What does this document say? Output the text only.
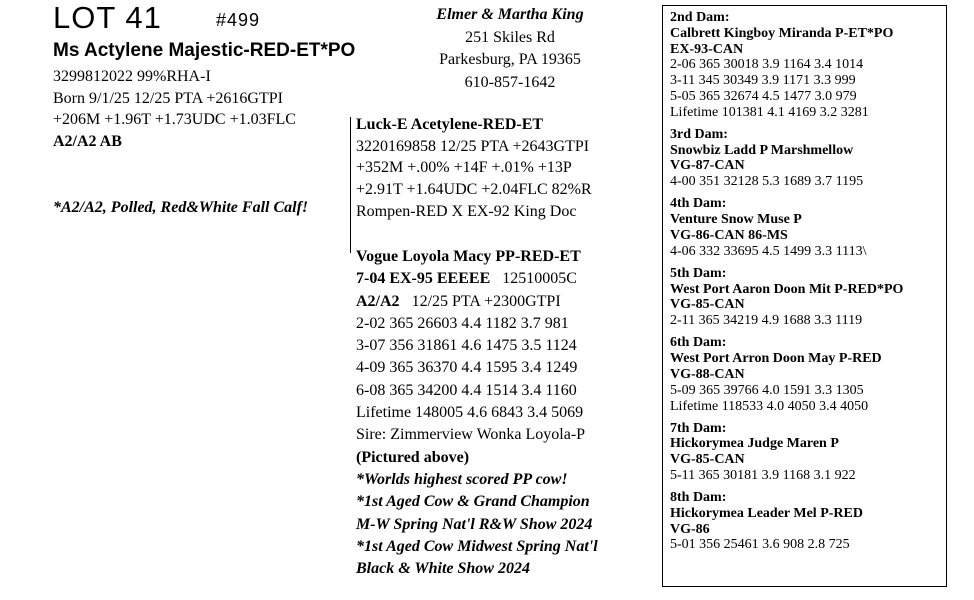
LOT 41	#499
Ms Actylene Majestic-RED-ET*PO
3299812022 99%RHA-I
Born 9/1/25 12/25 PTA +2616GTPI
+206M +1.96T +1.73UDC +1.03FLC
A2/A2 AB
*A2/A2, Polled, Red&White Fall Calf!
Elmer & Martha King
251 Skiles Rd
Parkesburg, PA 19365
610-857-1642
Luck-E Acetylene-RED-ET
3220169858 12/25 PTA +2643GTPI
+352M +.00% +14F +.01% +13P
+2.91T +1.64UDC +2.04FLC 82%R
Rompen-RED X EX-92 King Doc
Vogue Loyola Macy PP-RED-ET
7-04 EX-95 EEEEE 12510005C
A2/A2 12/25 PTA +2300GTPI
2-02 365 26603 4.4 1182 3.7 981
3-07 356 31861 4.6 1475 3.5 1124
4-09 365 36370 4.4 1595 3.4 1249
6-08 365 34200 4.4 1514 3.4 1160
Lifetime 148005 4.6 6843 3.4 5069
Sire: Zimmerview Wonka Loyola-P
(Pictured above)
*Worlds highest scored PP cow!
*1st Aged Cow & Grand Champion
M-W Spring Nat'l R&W Show 2024
*1st Aged Cow Midwest Spring Nat'l
Black & White Show 2024
2nd Dam:
Calbrett Kingboy Miranda P-ET*PO
EX-93-CAN
2-06 365 30018 3.9 1164 3.4 1014
3-11 345 30349 3.9 1171 3.3 999
5-05 365 32674 4.5 1477 3.0 979
Lifetime 101381 4.1 4169 3.2 3281
3rd Dam:
Snowbiz Ladd P Marshmellow
VG-87-CAN
4-00 351 32128 5.3 1689 3.7 1195
4th Dam:
Venture Snow Muse P
VG-86-CAN 86-MS
4-06 332 33695 4.5 1499 3.3 1113\
5th Dam:
West Port Aaron Doon Mit P-RED*PO
VG-85-CAN
2-11 365 34219 4.9 1688 3.3 1119
6th Dam:
West Port Arron Doon May P-RED
VG-88-CAN
5-09 365 39766 4.0 1591 3.3 1305
Lifetime 118533 4.0 4050 3.4 4050
7th Dam:
Hickorymea Judge Maren P
VG-85-CAN
5-11 365 30181 3.9 1168 3.1 922
8th Dam:
Hickorymea Leader Mel P-RED
VG-86
5-01 356 25461 3.6 908 2.8 725
